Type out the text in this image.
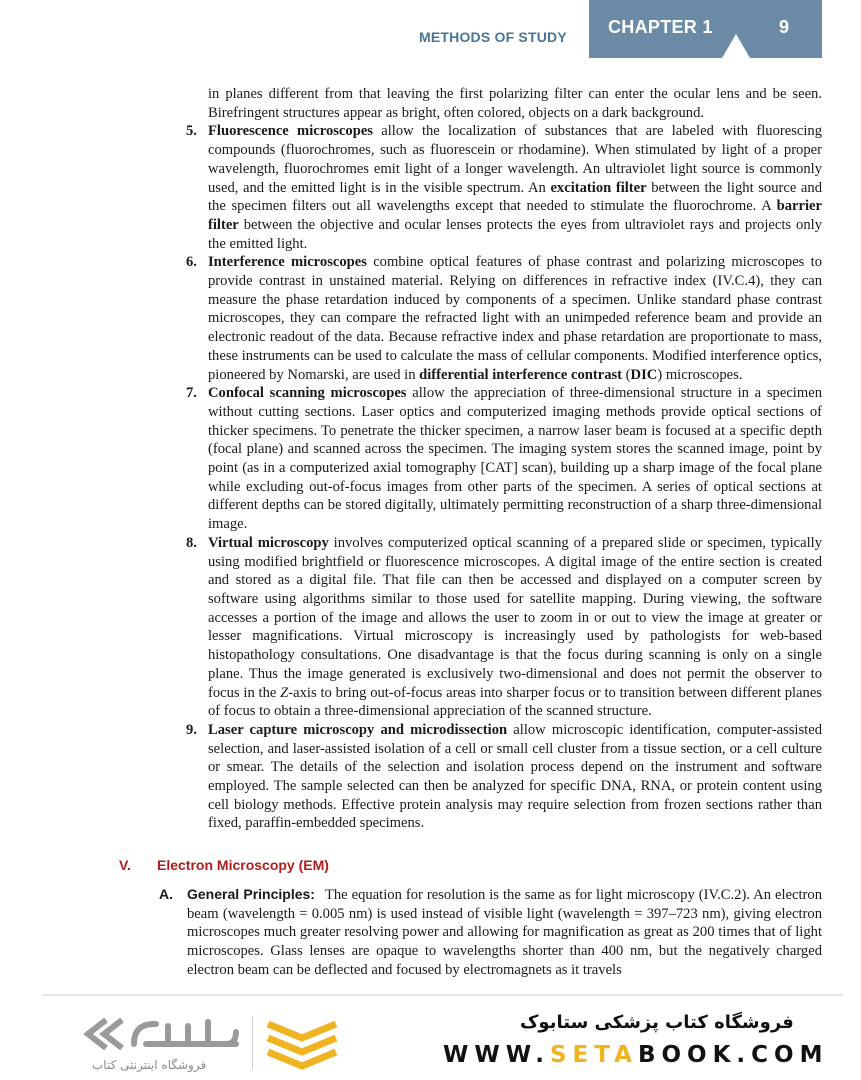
METHODS OF STUDY CHAPTER 1	9

in planes different from that leaving the first polarizing filter can enter the ocular lens and be seen. Birefringent structures appear as bright, often colored, objects on a dark background.

5. Fluorescence microscopes allow the localization of substances that are labeled with fluorescing compounds (fluorochromes, such as fluorescein or rhodamine). When stimulated by light of a proper wavelength, fluorochromes emit light of a longer wavelength. An ultraviolet light source is commonly used, and the emitted light is in the visible spectrum. An excitation filter between the light source and the specimen filters out all wavelengths except that needed to stimulate the fluorochrome. A barrier filter between the objective and ocular lenses protects the eyes from ultraviolet rays and projects only the emitted light.
6. Interference microscopes combine optical features of phase contrast and polarizing microscopes to provide contrast in unstained material. Relying on differences in refractive index (IV.C.4), they can measure the phase retardation induced by components of a specimen. Unlike standard phase contrast microscopes, they can compare the refracted light with an unimpeded reference beam and provide an electronic readout of the data. Because refractive index and phase retardation are proportionate to mass, these instruments can be used to calculate the mass of cellular components. Modified interference optics, pioneered by Nomarski, are used in differential interference contrast (DIC) microscopes.
7. Confocal scanning microscopes allow the appreciation of three-dimensional structure in a specimen without cutting sections. Laser optics and computerized imaging methods provide optical sections of thicker specimens. To penetrate the thicker specimen, a narrow laser beam is focused at a specific depth (focal plane) and scanned across the specimen. The imaging system stores the scanned image, point by point (as in a computerized axial tomography [CAT] scan), building up a sharp image of the focal plane while excluding out-of-focus images from other parts of the specimen. A series of optical sections at different depths can be stored digitally, ultimately permitting reconstruction of a sharp three-dimensional image.
8. Virtual microscopy involves computerized optical scanning of a prepared slide or specimen, typically using modified brightfield or fluorescence microscopes. A digital image of the entire section is created and stored as a digital file. That file can then be accessed and displayed on a computer screen by software using algorithms similar to those used for satellite mapping. During viewing, the software accesses a portion of the image and allows the user to zoom in or out to view the image at greater or lesser magnifications. Virtual microscopy is increasingly used by pathologists for web-based histopathology consultations. One disadvantage is that the focus during scanning is only on a single plane. Thus the image generated is exclusively two-dimensional and does not permit the observer to focus in the Z-axis to bring out-of-focus areas into sharper focus or to transition between different planes of focus to obtain a three-dimensional appreciation of the scanned structure.
9. Laser capture microscopy and microdissection allow microscopic identification, computer-assisted selection, and laser-assisted isolation of a cell or small cell cluster from a tissue section, or a cell culture or smear. The details of the selection and isolation process depend on the instrument and software employed. The sample selected can then be analyzed for specific DNA, RNA, or protein content using cell biology methods. Effective protein analysis may require selection from frozen sections rather than fixed, paraffin-embedded specimens.
V. Electron Microscopy (EM)
A. General Principles: The equation for resolution is the same as for light microscopy (IV.C.2). An electron beam (wavelength = 0.005 nm) is used instead of visible light (wavelength = 397–723 nm), giving electron microscopes much greater resolving power and allowing for magnification as great as 200 times that of light microscopes. Glass lenses are opaque to wavelengths shorter than 400 nm, but the negatively charged electron beam can be deflected and focused by electromagnets as it travels
فروشگاه اینترنتی کتاب
فروشگاه کتاب پزشکی ستابوک
WWW.SETABOOK.COM
